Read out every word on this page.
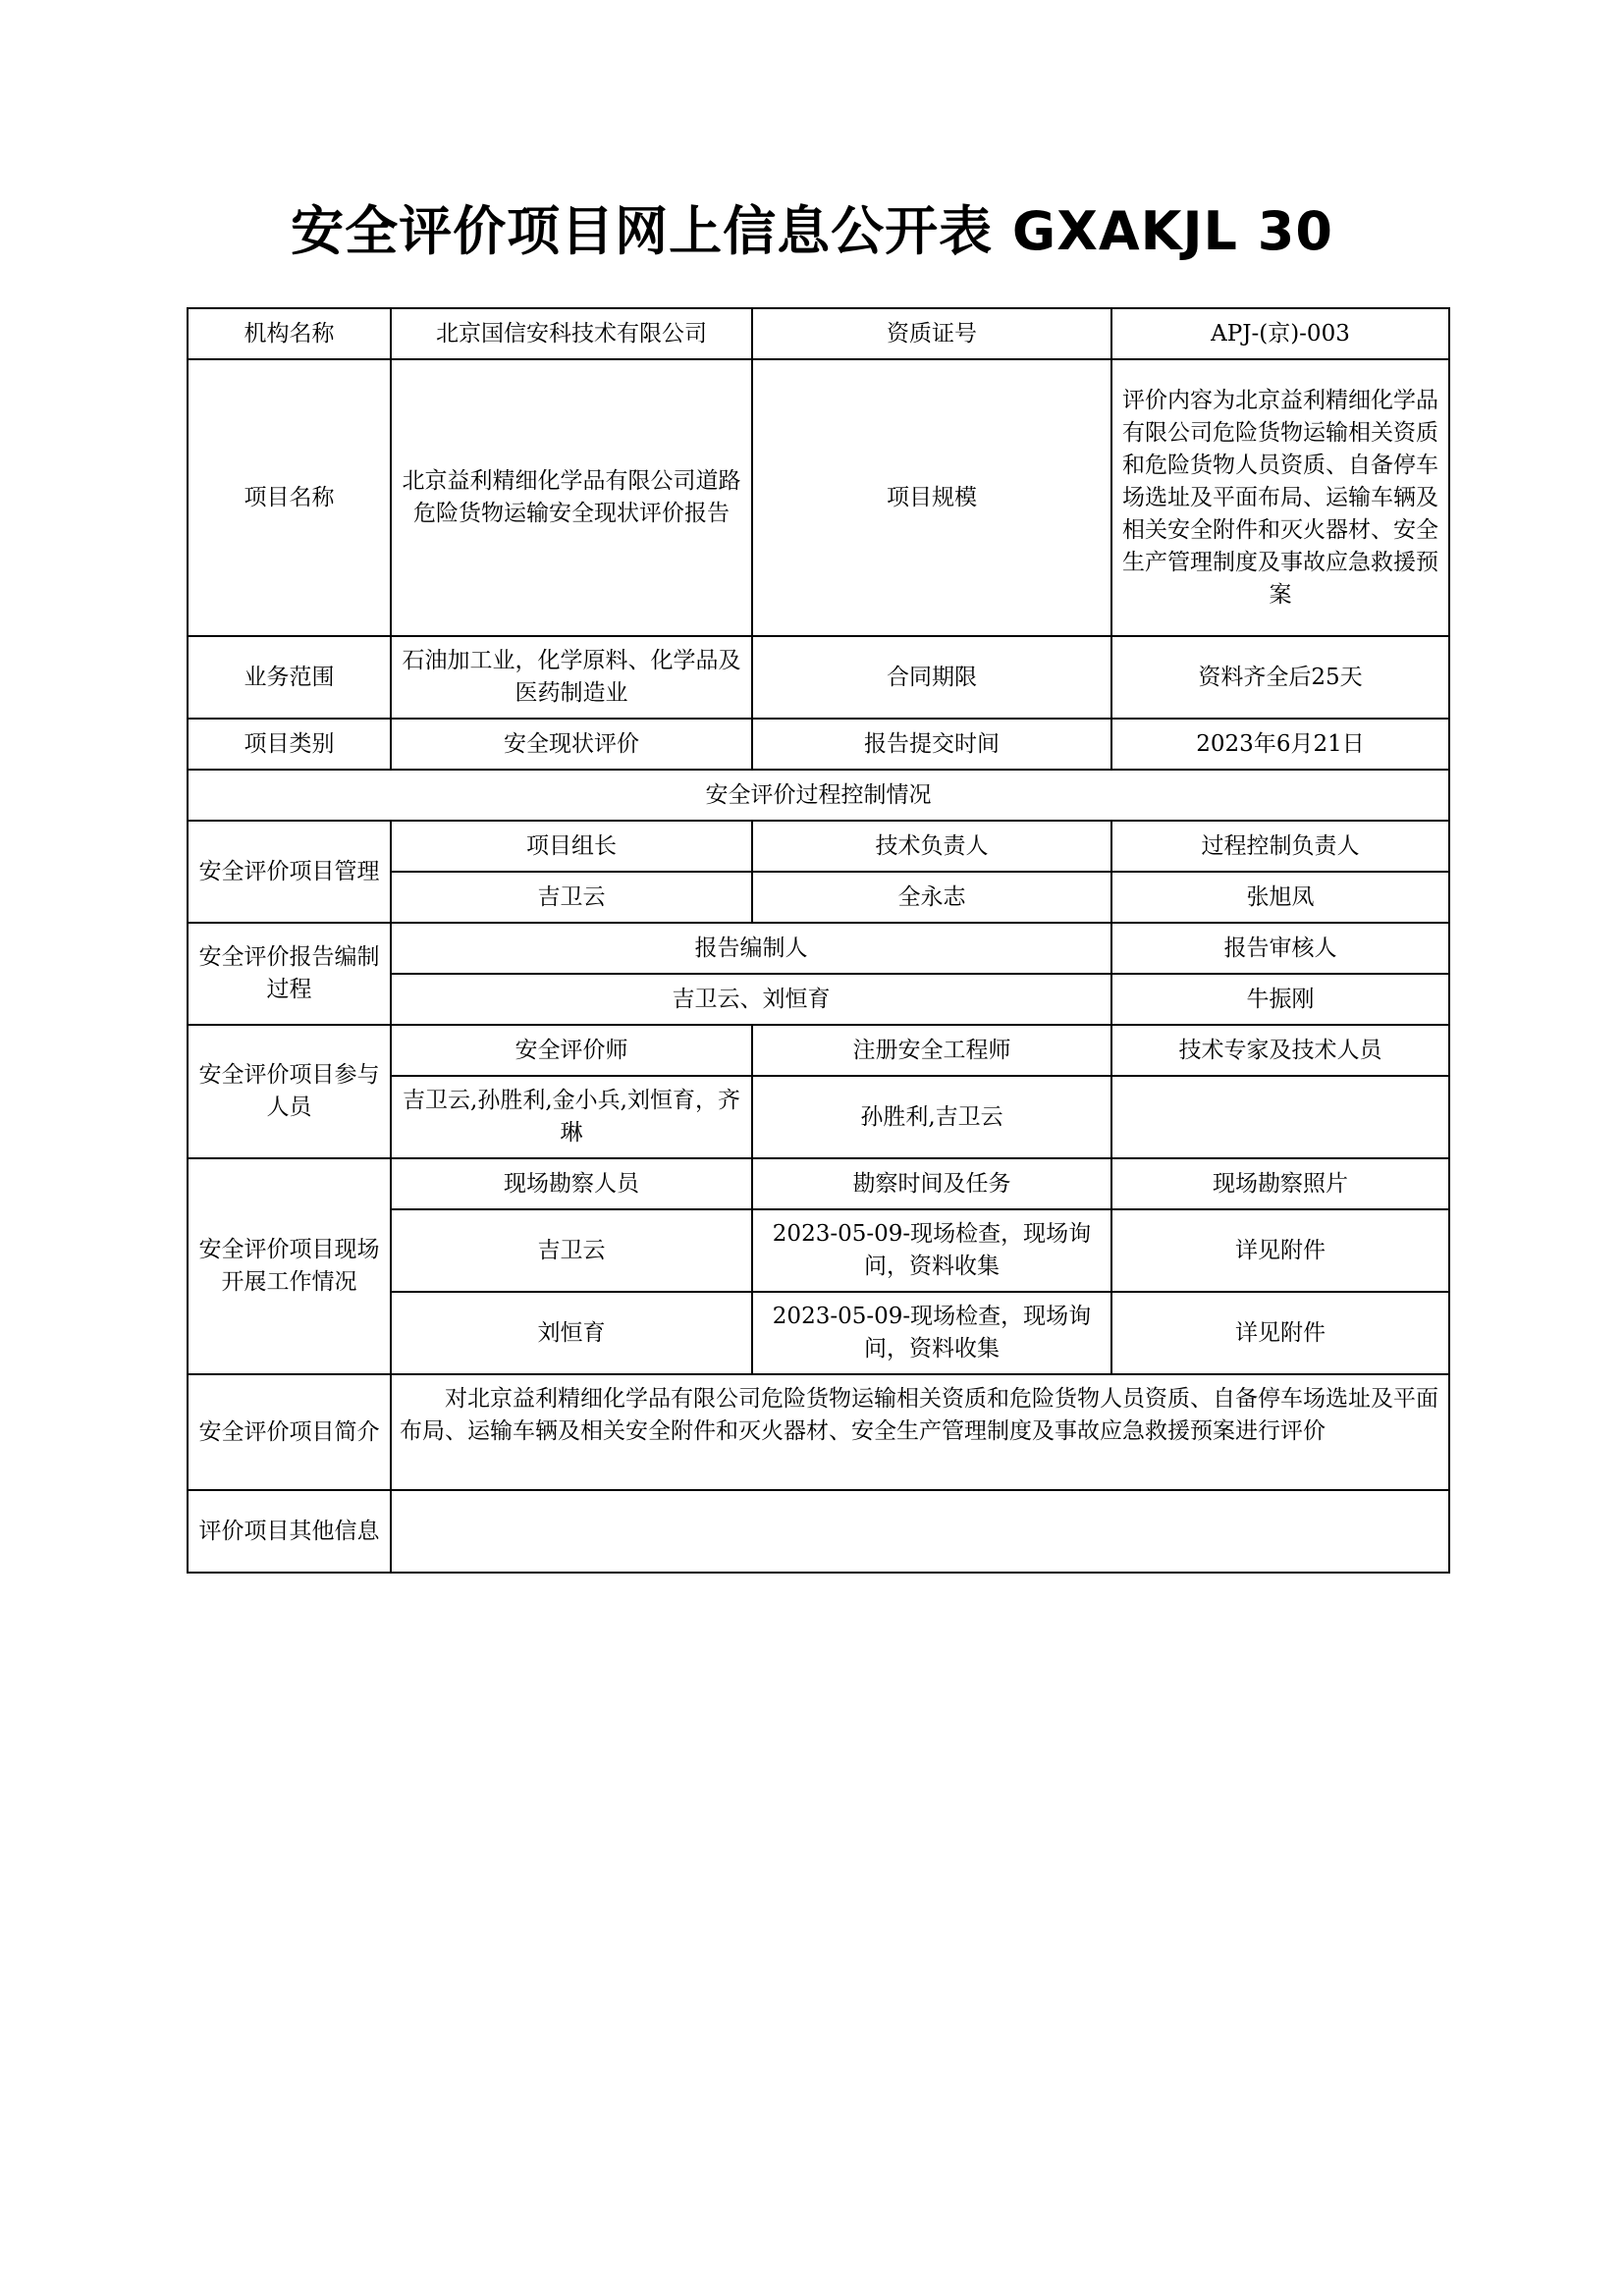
安全评价项目网上信息公开表 GXAKJL 30
机构名称	北京国信安科技术有限公司	资质证号	APJ-(京)-003
项目名称	北京益利精细化学品有限公司道路危险货物运输安全现状评价报告	项目规模	评价内容为北京益利精细化学品有限公司危险货物运输相关资质和危险货物人员资质、自备停车场选址及平面布局、运输车辆及相关安全附件和灭火器材、安全生产管理制度及事故应急救援预案
业务范围	石油加工业，化学原料、化学品及医药制造业	合同期限	资料齐全后25天
项目类别	安全现状评价	报告提交时间	2023年6月21日
安全评价过程控制情况			
安全评价项目管理	项目组长	技术负责人	过程控制负责人
	吉卫云	全永志	张旭凤
安全评价报告编制过程	报告编制人		报告审核人
	吉卫云、刘恒育		牛振刚
安全评价项目参与人员	安全评价师	注册安全工程师	技术专家及技术人员
	吉卫云,孙胜利,金小兵,刘恒育，齐琳	孙胜利,吉卫云	
安全评价项目现场开展工作情况	现场勘察人员	勘察时间及任务	现场勘察照片
	吉卫云	2023-05-09-现场检查，现场询问，资料收集	详见附件
	刘恒育	2023-05-09-现场检查，现场询问，资料收集	详见附件
安全评价项目简介	对北京益利精细化学品有限公司危险货物运输相关资质和危险货物人员资质、自备停车场选址及平面布局、运输车辆及相关安全附件和灭火器材、安全生产管理制度及事故应急救援预案进行评价		
评价项目其他信息			
